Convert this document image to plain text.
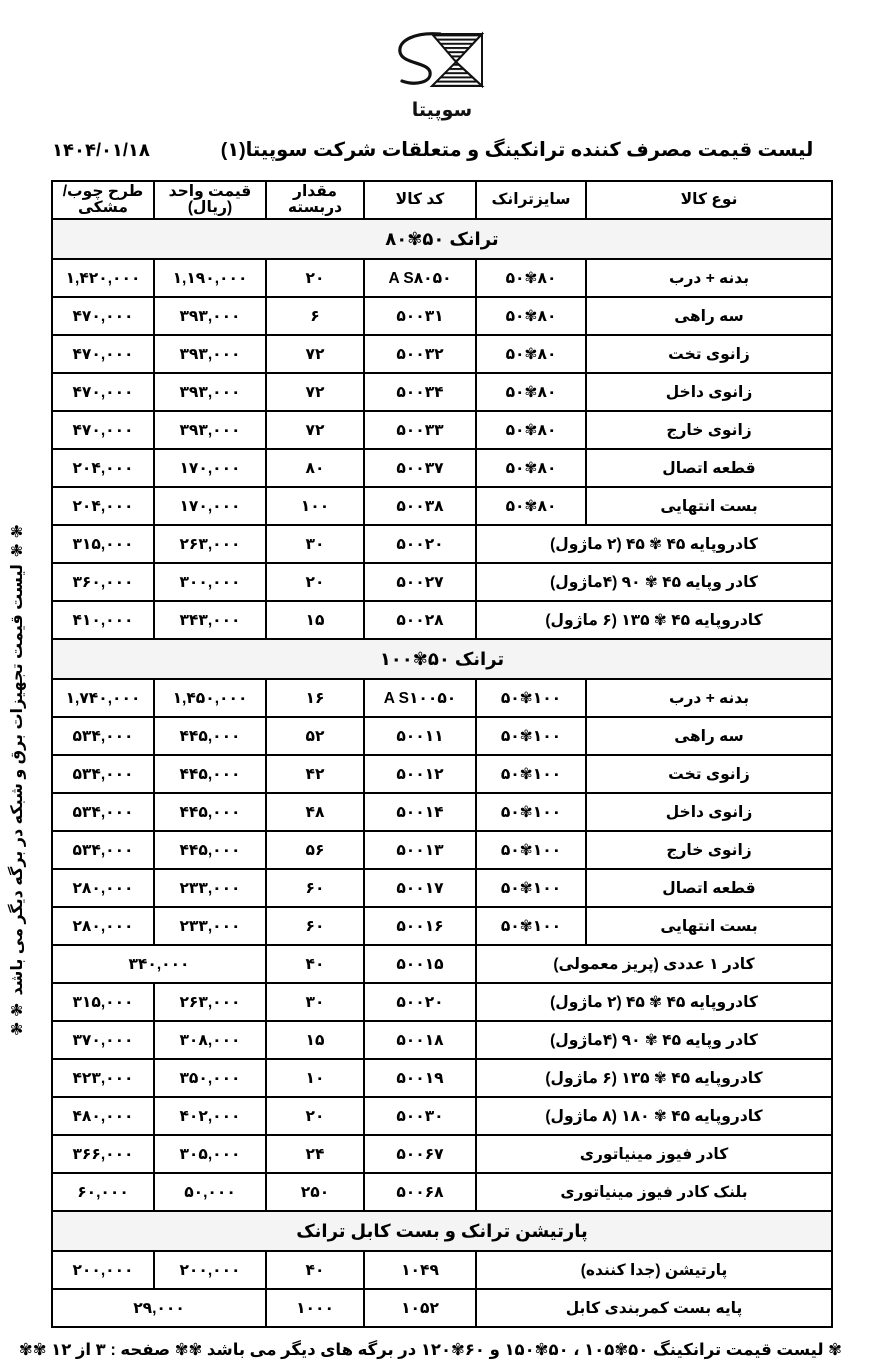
سوپیتا
لیست قیمت مصرف کننده ترانکینگ و متعلقات شرکت سوپیتا(۱)
۱۴۰۴/۰۱/۱۸
✾✾ لیست قیمت تجهیزات برق و شبکه در برگه دیگر می باشد ✾✾
نوع کالا	سایزترانک	کد کالا	مقدار دربسته	قیمت واحد (ریال)	طرح چوب/ مشکی
ترانک ۵۰✾۸۰					
بدنه + درب	۵۰✾۸۰	A S۸۰۵۰	۲۰	۱,۱۹۰,۰۰۰	۱,۴۲۰,۰۰۰
سه راهی	۵۰✾۸۰	۵۰۰۳۱	۶	۳۹۳,۰۰۰	۴۷۰,۰۰۰
زانوی تخت	۵۰✾۸۰	۵۰۰۳۲	۷۲	۳۹۳,۰۰۰	۴۷۰,۰۰۰
زانوی داخل	۵۰✾۸۰	۵۰۰۳۴	۷۲	۳۹۳,۰۰۰	۴۷۰,۰۰۰
زانوی خارج	۵۰✾۸۰	۵۰۰۳۳	۷۲	۳۹۳,۰۰۰	۴۷۰,۰۰۰
قطعه اتصال	۵۰✾۸۰	۵۰۰۳۷	۸۰	۱۷۰,۰۰۰	۲۰۴,۰۰۰
بست انتهایی	۵۰✾۸۰	۵۰۰۳۸	۱۰۰	۱۷۰,۰۰۰	۲۰۴,۰۰۰
کادروپایه ۴۵ ✾ ۴۵ (۲ ماژول)		۵۰۰۲۰	۳۰	۲۶۳,۰۰۰	۳۱۵,۰۰۰
کادر وپایه ۴۵ ✾ ۹۰ (۴ماژول)		۵۰۰۲۷	۲۰	۳۰۰,۰۰۰	۳۶۰,۰۰۰
کادروپایه ۴۵ ✾ ۱۳۵ (۶ ماژول)		۵۰۰۲۸	۱۵	۳۴۳,۰۰۰	۴۱۰,۰۰۰
ترانک ۵۰✾۱۰۰					
بدنه + درب	۵۰✾۱۰۰	A S۱۰۰۵۰	۱۶	۱,۴۵۰,۰۰۰	۱,۷۴۰,۰۰۰
سه راهی	۵۰✾۱۰۰	۵۰۰۱۱	۵۲	۴۴۵,۰۰۰	۵۳۴,۰۰۰
زانوی تخت	۵۰✾۱۰۰	۵۰۰۱۲	۴۲	۴۴۵,۰۰۰	۵۳۴,۰۰۰
زانوی داخل	۵۰✾۱۰۰	۵۰۰۱۴	۴۸	۴۴۵,۰۰۰	۵۳۴,۰۰۰
زانوی خارج	۵۰✾۱۰۰	۵۰۰۱۳	۵۶	۴۴۵,۰۰۰	۵۳۴,۰۰۰
قطعه اتصال	۵۰✾۱۰۰	۵۰۰۱۷	۶۰	۲۳۳,۰۰۰	۲۸۰,۰۰۰
بست انتهایی	۵۰✾۱۰۰	۵۰۰۱۶	۶۰	۲۳۳,۰۰۰	۲۸۰,۰۰۰
کادر ۱ عددی (پریز معمولی)		۵۰۰۱۵	۴۰	۳۴۰,۰۰۰	
کادروپایه ۴۵ ✾ ۴۵ (۲ ماژول)		۵۰۰۲۰	۳۰	۲۶۳,۰۰۰	۳۱۵,۰۰۰
کادر وپایه ۴۵ ✾ ۹۰ (۴ماژول)		۵۰۰۱۸	۱۵	۳۰۸,۰۰۰	۳۷۰,۰۰۰
کادروپایه ۴۵ ✾ ۱۳۵ (۶ ماژول)		۵۰۰۱۹	۱۰	۳۵۰,۰۰۰	۴۲۳,۰۰۰
کادروپایه ۴۵ ✾ ۱۸۰ (۸ ماژول)		۵۰۰۳۰	۲۰	۴۰۲,۰۰۰	۴۸۰,۰۰۰
کادر فیوز مینیاتوری		۵۰۰۶۷	۲۴	۳۰۵,۰۰۰	۳۶۶,۰۰۰
بلنک کادر فیوز مینیاتوری		۵۰۰۶۸	۲۵۰	۵۰,۰۰۰	۶۰,۰۰۰
پارتیشن ترانک و بست کابل ترانک					
پارتیشن (جدا کننده)		۱۰۴۹	۴۰	۲۰۰,۰۰۰	۲۰۰,۰۰۰
پایه بست کمربندی کابل		۱۰۵۲	۱۰۰۰	۲۹,۰۰۰	
✾ لیست قیمت ترانکینگ ۵۰✾۱۰۵ ، ۵۰✾۱۵۰ و ۶۰✾۱۲۰ در برگه های دیگر می باشد ✾✾ صفحه : ۳ از ۱۲ ✾✾
